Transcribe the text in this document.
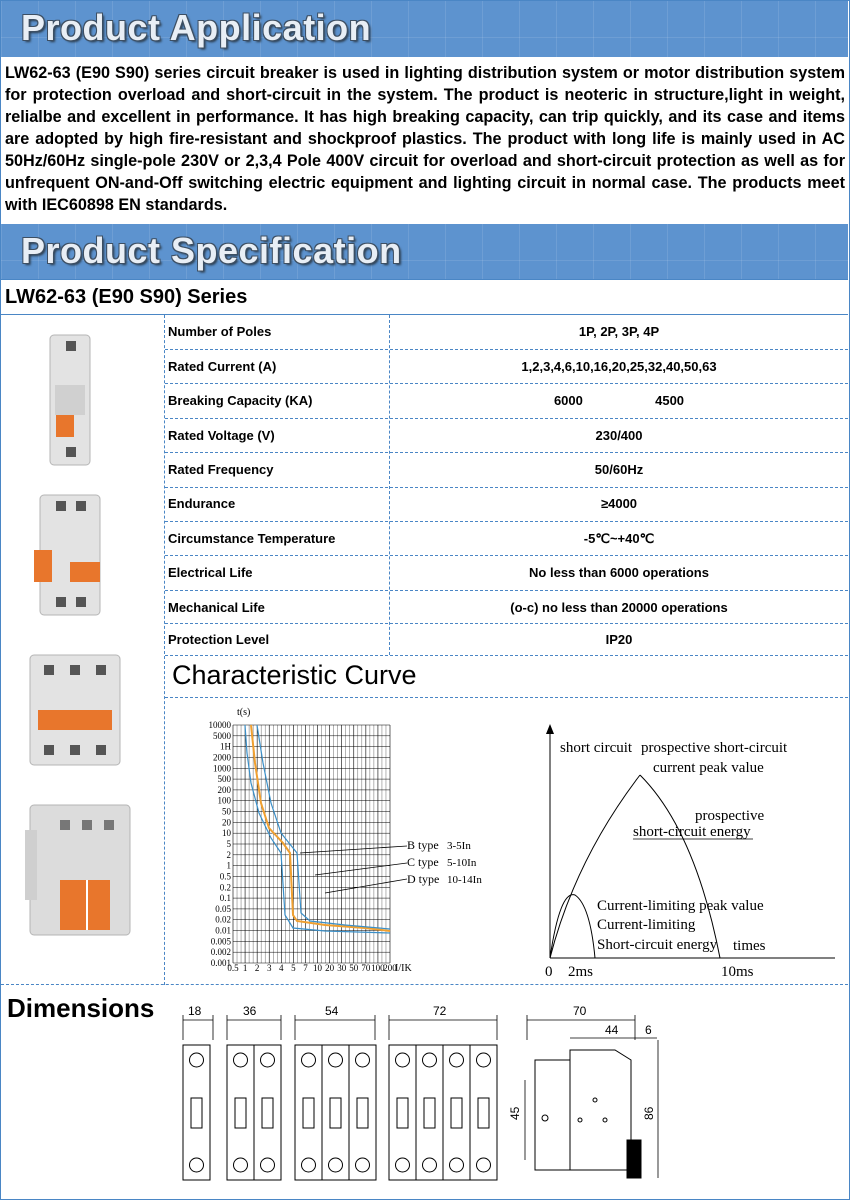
Product Application
LW62-63 (E90 S90) series circuit breaker is used in lighting distribution system or motor distribution system for protection overload and short-circuit in the system. The product is neoteric in structure,light in weight, relialbe and excellent in performance. It has high breaking capacity, can trip quickly, and its case and items are adopted by high fire-resistant and shockproof plastics. The product with long life is mainly used in AC 50Hz/60Hz single-pole 230V or 2,3,4 Pole 400V circuit for overload and short-circuit protection as well as for unfrequent ON-and-Off switching electric equipment and lighting circuit in normal case. The products meet with IEC60898 EN standards.
Product Specification
LW62-63 (E90 S90) Series
Number of Poles	1P, 2P, 3P, 4P
Rated Current (A)	1,2,3,4,6,10,16,20,25,32,40,50,63
Breaking Capacity (KA)	6000                    4500
Rated Voltage (V)	230/400
Rated Frequency	50/60Hz
Endurance	≥4000
Circumstance Temperature	-5℃~+40℃
Electrical Life	No less than 6000 operations
Mechanical Life	(o-c) no less than 20000 operations
Protection Level	IP20
Characteristic Curve
t(s)
I/IK
10000
5000
1H
2000
1000
500
200
100
50
20
10
5
2
1
0.5
0.2
0.1
0.05
0.02
0.01
0.005
0.002
0.001
0.5 1 2 3 4 5 7 10 20 30 50 70 100
200
B type 3-5In
C type 5-10In
D type 10-14In
short circuit prospective short-circuit
current peak value
prospective
short-circuit energy
Current-limiting peak value
Current-limiting
Short-circuit energy times
0 2ms	10ms
Dimensions	18	36	54	72	70
44 6
45	86
